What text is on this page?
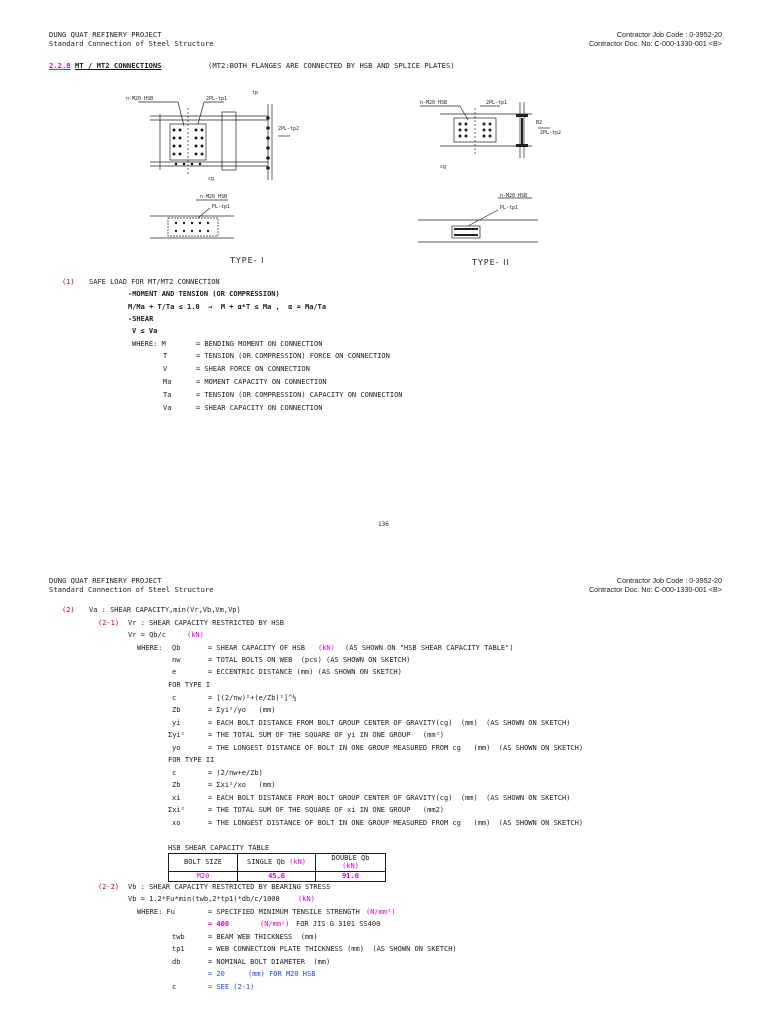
DUNG QUAT REFINERY PROJECT
Standard Connection of Steel Structure
Contractor Job Code : 0-3952-20
Contractor Doc. No: C-000-1330-001 <B>
2.2.8 MT / MT2 CONNECTIONS	(MT2:BOTH FLANGES ARE CONNECTED BY HSB AND SPLICE PLATES)
n-M20 HSB	2PL-tp1
2PL-tp2
tp
cg
n-M20 HSB	2PL-tp1
B2
2PL-tp2
cg
n-M20 HSB
PL-tp1
n-M20 HSB
PL-tp1
TYPE- I	TYPE- II
(1) SAFE LOAD FOR MT/MT2 CONNECTION
-MOMENT AND TENSION (OR COMPRESSION)
M/Ma + T/Ta ≤ 1.0  →  M + α*T ≤ Ma ,  α = Ma/Ta
-SHEAR
V ≤ Va
WHERE: M	= BENDING MOMENT ON CONNECTION
T	= TENSION (OR COMPRESSION) FORCE ON CONNECTION
V	= SHEAR FORCE ON CONNECTION
Ma	= MOMENT CAPACITY ON CONNECTION
Ta	= TENSION (OR COMPRESSION) CAPACITY ON CONNECTION
Va	= SHEAR CAPACITY ON CONNECTION
136
DUNG QUAT REFINERY PROJECT
Standard Connection of Steel Structure
Contractor Job Code : 0-3952-20
Contractor Doc. No: C-000-1330-001 <B>
(2) Va : SHEAR CAPACITY,min(Vr,Vb,Vm,Vp)
(2-1) Vr : SHEAR CAPACITY RESTRICTED BY HSB
Vr = Qb/c	(kN)
WHERE: Qb	= SHEAR CAPACITY OF HSB (kN) (AS SHOWN ON "HSB SHEAR CAPACITY TABLE")
nw	= TOTAL BOLTS ON WEB  (pcs) (AS SHOWN ON SKETCH)
e	= ECCENTRIC DISTANCE (mm) (AS SHOWN ON SKETCH)
FOR TYPE I
c	= [(2/nw)²+(e/Zb)²]^½
Zb	= Σyi²/yo   (mm)
yi	= EACH BOLT DISTANCE FROM BOLT GROUP CENTER OF GRAVITY(cg)  (mm)  (AS SHOWN ON SKETCH)
Σyi²	= THE TOTAL SUM OF THE SQUARE OF yi IN ONE GROUP   (mm²)
yo	= THE LONGEST DISTANCE OF BOLT IN ONE GROUP MEASURED FROM cg   (mm)  (AS SHOWN ON SKETCH)
FOR TYPE II
c	= (2/nw+e/Zb)
Zb	= Σxi²/xo   (mm)
xi	= EACH BOLT DISTANCE FROM BOLT GROUP CENTER OF GRAVITY(cg)  (mm)  (AS SHOWN ON SKETCH)
Σxi²	= THE TOTAL SUM OF THE SQUARE OF xi IN ONE GROUP   (mm2)
xo	= THE LONGEST DISTANCE OF BOLT IN ONE GROUP MEASURED FROM cg   (mm)  (AS SHOWN ON SKETCH)
HSB SHEAR CAPACITY TABLE
BOLT SIZE	SINGLE Qb (kN)	DOUBLE Qb (kN)
M20	45.6	91.0
(2-2) Vb : SHEAR CAPACITY RESTRICTED BY BEARING STRESS
Vb = 1.2*Fu*min(twb,2*tp1)*db/c/1000	(kN)
WHERE: Fu	= SPECIFIED MINIMUM TENSILE STRENGTH (N/mm²)
= 400	(N/mm²) FOR JIS G 3101 SS400
twb	= BEAM WEB THICKNESS  (mm)
tp1	= WEB CONNECTION PLATE THICKNESS (mm)  (AS SHOWN ON SKETCH)
db	= NOMINAL BOLT DIAMETER  (mm)
= 20	(mm) FOR M20 HSB
c	= SEE (2-1)
